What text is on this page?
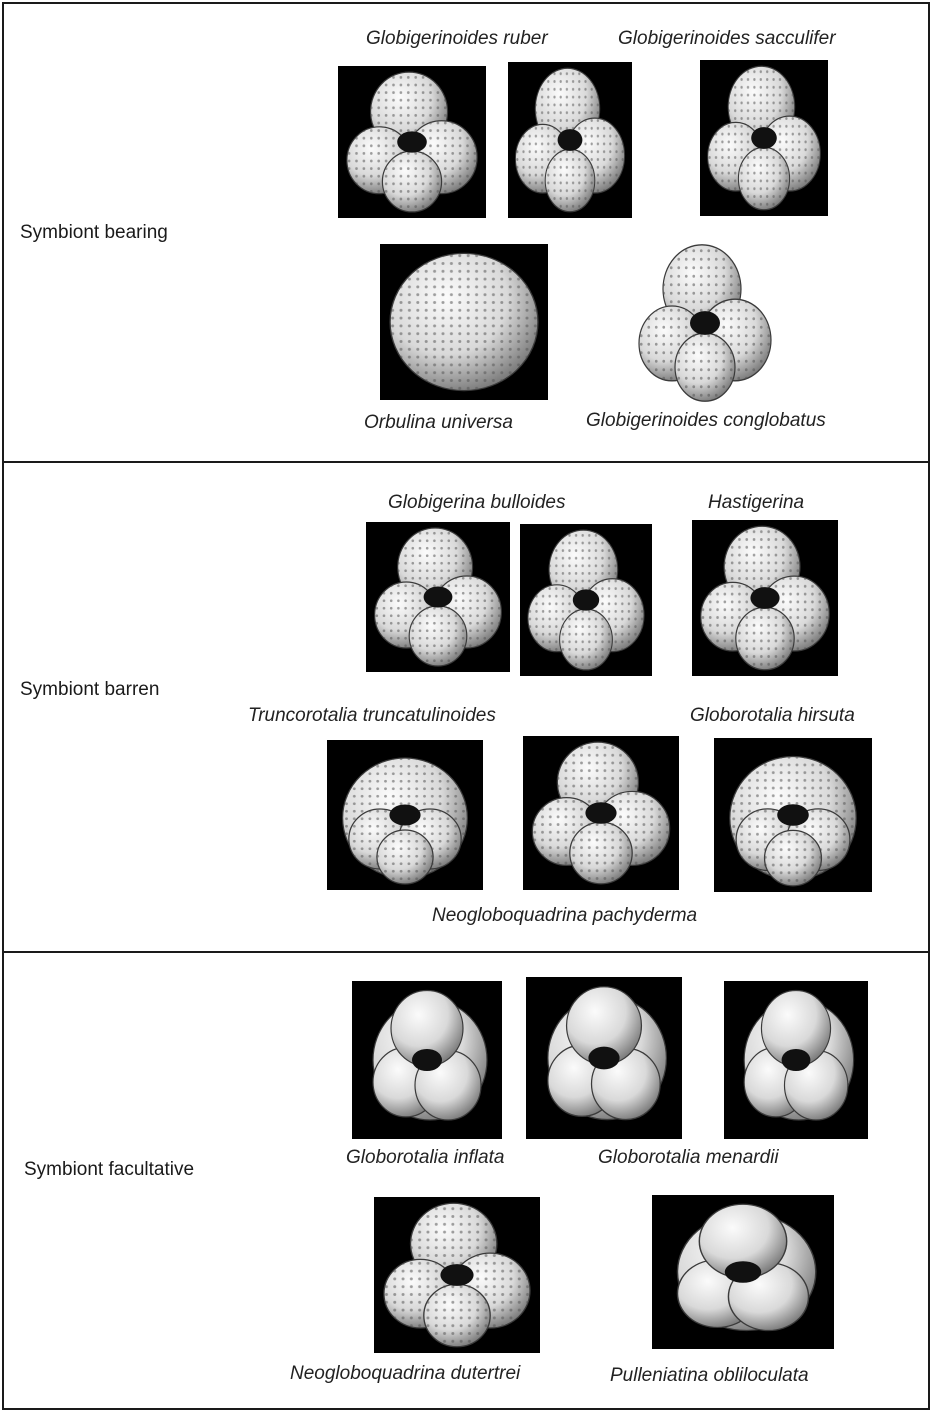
Symbiont bearing
Globigerinoides ruber	Globigerinoides sacculifer
Orbulina universa	Globigerinoides conglobatus
Symbiont barren
Globigerina bulloides	Hastigerina
Truncorotalia truncatulinoides	Globorotalia hirsuta
Neogloboquadrina pachyderma
Symbiont facultative
Globorotalia inflata	Globorotalia menardii
Neogloboquadrina dutertrei	Pulleniatina obliloculata
